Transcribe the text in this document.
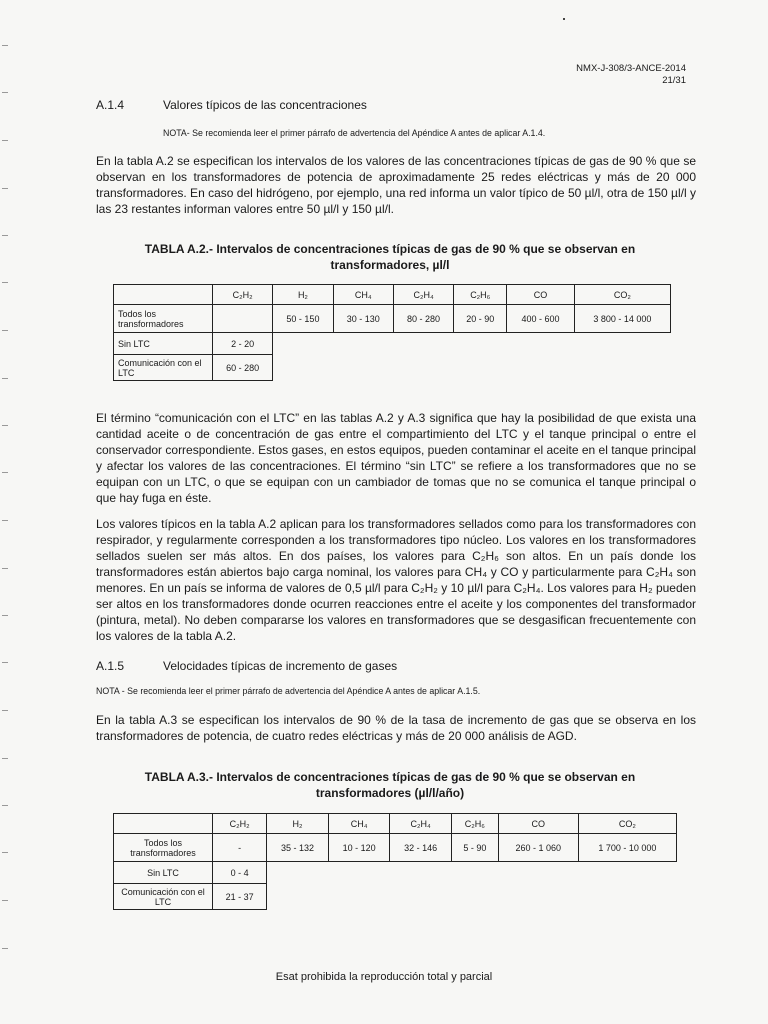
NMX-J-308/3-ANCE-2014
21/31
A.1.4	Valores típicos de las concentraciones
NOTA- Se recomienda leer el primer párrafo de advertencia del Apéndice A antes de aplicar A.1.4.
En la tabla A.2 se especifican los intervalos de los valores de las concentraciones típicas de gas de 90 % que se observan en los transformadores de potencia de aproximadamente 25 redes eléctricas y más de 20 000 transformadores. En caso del hidrógeno, por ejemplo, una red informa un valor típico de 50 µl/l, otra de 150 µl/l y las 23 restantes informan valores entre 50 µl/l y 150 µl/l.
TABLA A.2.- Intervalos de concentraciones típicas de gas de 90 % que se observan en
transformadores, µl/l
	C₂H₂	H₂	CH₄	C₂H₄	C₂H₆	CO	CO₂
Todos los transformadores		50 - 150	30 - 130	80 - 280	20 - 90	400 - 600	3 800 - 14 000
Sin LTC	2 - 20						
Comunicación con el LTC	60 - 280						
El término “comunicación con el LTC” en las tablas A.2 y A.3 significa que hay la posibilidad de que exista una cantidad aceite o de concentración de gas entre el compartimiento del LTC y el tanque principal o entre el conservador correspondiente. Estos gases, en estos equipos, pueden contaminar el aceite en el tanque principal y afectar los valores de las concentraciones. El término “sin LTC” se refiere a los transformadores que no se equipan con un LTC, o que se equipan con un cambiador de tomas que no se comunica el tanque principal o que hay fuga en éste.
Los valores típicos en la tabla A.2 aplican para los transformadores sellados como para los transformadores con respirador, y regularmente corresponden a los transformadores tipo núcleo. Los valores en los transformadores sellados suelen ser más altos. En dos países, los valores para C₂H₆ son altos. En un país donde los transformadores están abiertos bajo carga nominal, los valores para CH₄ y CO y particularmente para C₂H₄ son menores. En un país se informa de valores de 0,5 µl/l para C₂H₂ y 10 µl/l para C₂H₄. Los valores para H₂ pueden ser altos en los transformadores donde ocurren reacciones entre el aceite y los componentes del transformador (pintura, metal). No deben compararse los valores en transformadores que se desgasifican frecuentemente con los valores de la tabla A.2.
A.1.5	Velocidades típicas de incremento de gases
NOTA - Se recomienda leer el primer párrafo de advertencia del Apéndice A antes de aplicar A.1.5.
En la tabla A.3 se especifican los intervalos de 90 % de la tasa de incremento de gas que se observa en los transformadores de potencia, de cuatro redes eléctricas y más de 20 000 análisis de AGD.
TABLA A.3.- Intervalos de concentraciones típicas de gas de 90 % que se observan en
transformadores (µl/l/año)
	C₂H₂	H₂	CH₄	C₂H₄	C₂H₆	CO	CO₂
Todos los transformadores	-	35 - 132	10 - 120	32 - 146	5 - 90	260 - 1 060	1 700 - 10 000
Sin LTC	0 - 4						
Comunicación con el LTC	21 - 37						
Esat prohibida la reproducción total y parcial
